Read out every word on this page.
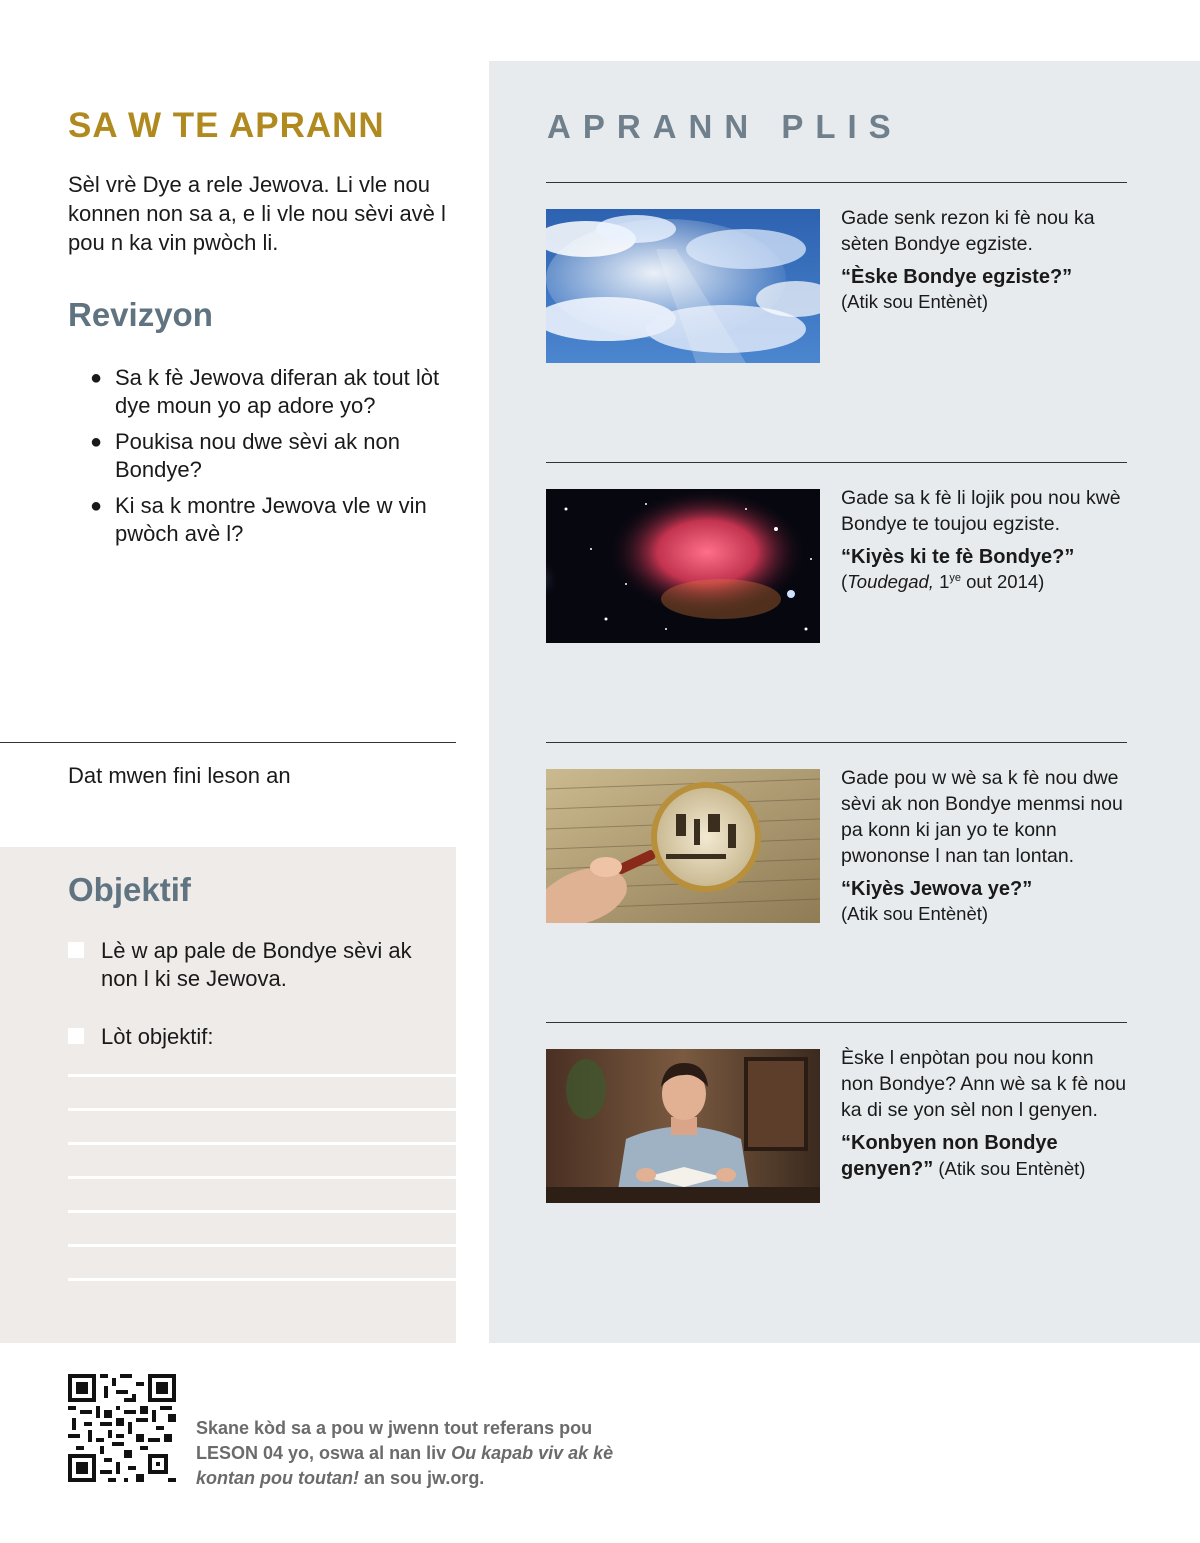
SA W TE APRANN

Sèl vrè Dye a rele Jewova. Li vle nou konnen non sa a, e li vle nou sèvi avè l pou n ka vin pwòch li.

Revizyon
● Sa k fè Jewova diferan ak tout lòt dye moun yo ap adore yo?
● Poukisa nou dwe sèvi ak non Bondye?
● Ki sa k montre Jewova vle w vin pwòch avè l?
Dat mwen fini leson an
Objektif
Lè w ap pale de Bondye sèvi ak non l ki se Jewova.
Lòt objektif:
APRANN PLIS
Gade senk rezon ki fè nou ka sèten Bondye egziste.
“Èske Bondye egziste?”
(Atik sou Entènèt)
Gade sa k fè li lojik pou nou kwè Bondye te toujou egziste.
“Kiyès ki te fè Bondye?”
(Toudegad, $1^{ye}$ out 2014)
Gade pou w wè sa k fè nou dwe sèvi ak non Bondye menmsi nou pa konn ki jan yo te konn pwononse l nan tan lontan.
“Kiyès Jewova ye?”
(Atik sou Entènèt)
Èske l enpòtan pou nou konn non Bondye? Ann wè sa k fè nou ka di se yon sèl non l genyen.
“Konbyen non Bondye genyen?” (Atik sou Entènèt)

Skane kòd sa a pou w jwenn tout referans pou LESON 04 yo, oswa al nan liv Ou kapab viv ak kè kontan pou toutan! an sou jw.org.
